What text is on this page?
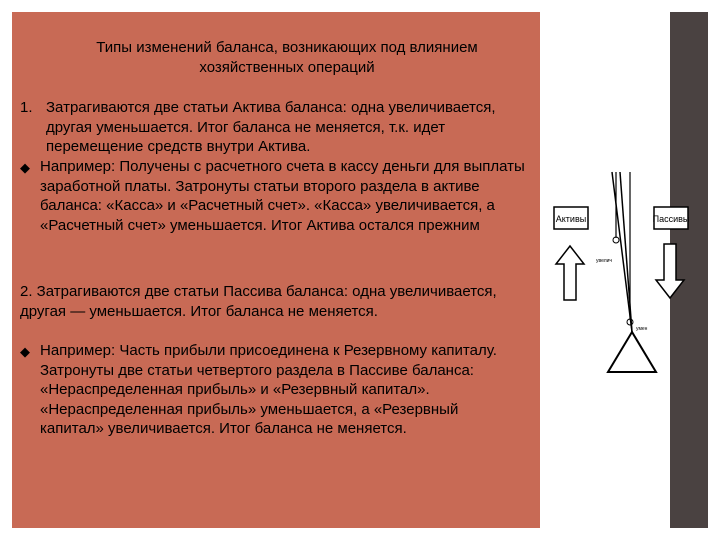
Типы изменений баланса, возникающих под влиянием хозяйственных операций
1. Затрагиваются две статьи Актива баланса: одна увеличивается, другая уменьшается. Итог баланса не меняется, т.к. идет перемещение средств внутри Актива.
◆ Например: Получены с расчетного счета в кассу деньги для выплаты заработной платы. Затронуты статьи второго раздела в активе баланса: «Касса» и «Расчетный счет». «Касса» увеличивается, а «Расчетный счет» уменьшается. Итог Актива остался прежним
2. Затрагиваются две статьи Пассива баланса: одна увеличивается, другая — уменьшается. Итог баланса не меняется.
◆ Например: Часть прибыли присоединена к Резервному капиталу. Затронуты две статьи четвертого раздела в Пассиве баланса: «Нераспределенная прибыль» и «Резервный капитал». «Нераспределенная прибыль» уменьшается, а «Резервный капитал» увеличивается. Итог баланса не меняется.
Активы	Пассивы
увелич
умен
